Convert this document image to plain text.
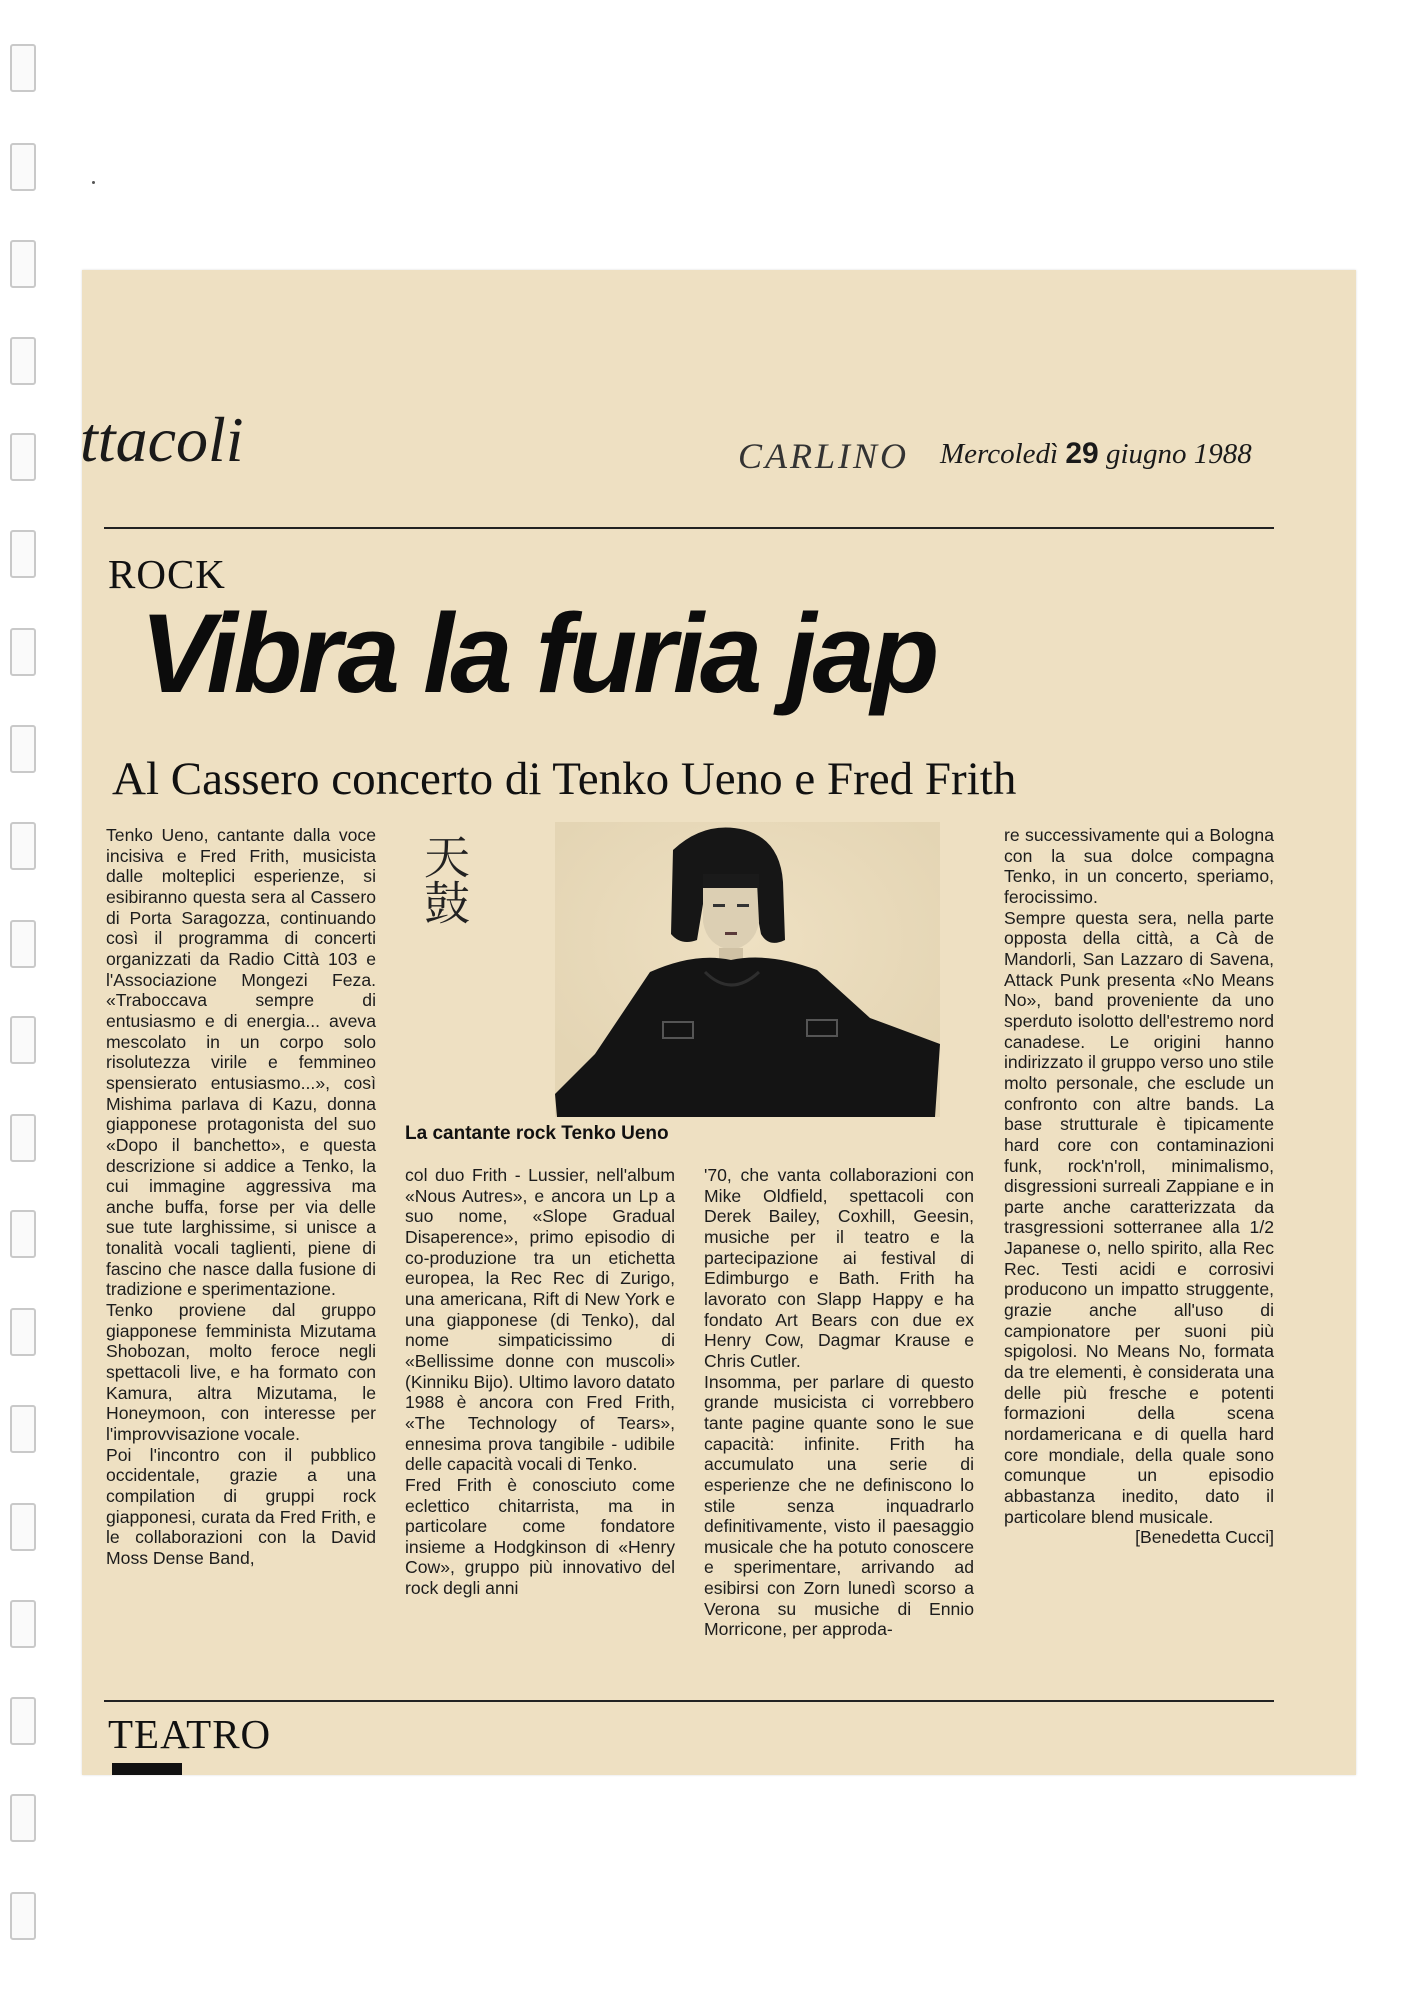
ttacoli	CARLINO Mercoledì 29 giugno 1988
ROCK
Vibra la furia jap
Al Cassero concerto di Tenko Ueno e Fred Frith

Tenko Ueno, cantante dalla voce incisiva e Fred Frith, musicista dalle molteplici esperienze, si esibiranno questa sera al Cassero di Porta Saragozza, continuando così il programma di concerti organizzati da Radio Città 103 e l'Associazione Mongezi Feza. «Traboccava sempre di entusiasmo e di energia... aveva mescolato in un corpo solo risolutezza virile e femmineo spensierato entusiasmo...», così Mishima parlava di Kazu, donna giapponese protagonista del suo «Dopo il banchetto», e questa descrizione si addice a Tenko, la cui immagine aggressiva ma anche buffa, forse per via delle sue tute larghissime, si unisce a tonalità vocali taglienti, piene di fascino che nasce dalla fusione di tradizione e sperimentazione.

Tenko proviene dal gruppo giapponese femminista Mizutama Shobozan, molto feroce negli spettacoli live, e ha formato con Kamura, altra Mizutama, le Honeymoon, con interesse per l'improvvisazione vocale.

Poi l'incontro con il pubblico occidentale, grazie a una compilation di gruppi rock giapponesi, curata da Fred Frith, e le collaborazioni con la David Moss Dense Band,

天鼓
La cantante rock Tenko Ueno

col duo Frith - Lussier, nell'album «Nous Autres», e ancora un Lp a suo nome, «Slope Gradual Disaperence», primo episodio di co-produzione tra un etichetta europea, la Rec Rec di Zurigo, una americana, Rift di New York e una giapponese (di Tenko), dal nome simpaticissimo di «Bellissime donne con muscoli» (Kinniku Bijo). Ultimo lavoro datato 1988 è ancora con Fred Frith, «The Technology of Tears», ennesima prova tangibile - udibile delle capacità vocali di Tenko.

Fred Frith è conosciuto come eclettico chitarrista, ma in particolare come fondatore insieme a Hodgkinson di «Henry Cow», gruppo più innovativo del rock degli anni

'70, che vanta collaborazioni con Mike Oldfield, spettacoli con Derek Bailey, Coxhill, Geesin, musiche per il teatro e la partecipazione ai festival di Edimburgo e Bath. Frith ha lavorato con Slapp Happy e ha fondato Art Bears con due ex Henry Cow, Dagmar Krause e Chris Cutler.

Insomma, per parlare di questo grande musicista ci vorrebbero tante pagine quante sono le sue capacità: infinite. Frith ha accumulato una serie di esperienze che ne definiscono lo stile senza inquadrarlo definitivamente, visto il paesaggio musicale che ha potuto conoscere e sperimentare, arrivando ad esibirsi con Zorn lunedì scorso a Verona su musiche di Ennio Morricone, per approda-

re successivamente qui a Bologna con la sua dolce compagna Tenko, in un concerto, speriamo, ferocissimo.

Sempre questa sera, nella parte opposta della città, a Cà de Mandorli, San Lazzaro di Savena, Attack Punk presenta «No Means No», band proveniente da uno sperduto isolotto dell'estremo nord canadese. Le origini hanno indirizzato il gruppo verso uno stile molto personale, che esclude un confronto con altre bands. La base strutturale è tipicamente hard core con contaminazioni funk, rock'n'roll, minimalismo, disgressioni surreali Zappiane e in parte anche caratterizzata da trasgressioni sotterranee alla 1/2 Japanese o, nello spirito, alla Rec Rec. Testi acidi e corrosivi producono un impatto struggente, grazie anche all'uso di campionatore per suoni più spigolosi. No Means No, formata da tre elementi, è considerata una delle più fresche e potenti formazioni della scena nordamericana e di quella hard core mondiale, della quale sono comunque un episodio abbastanza inedito, dato il particolare blend musicale.

[Benedetta Cucci]

TEATRO
